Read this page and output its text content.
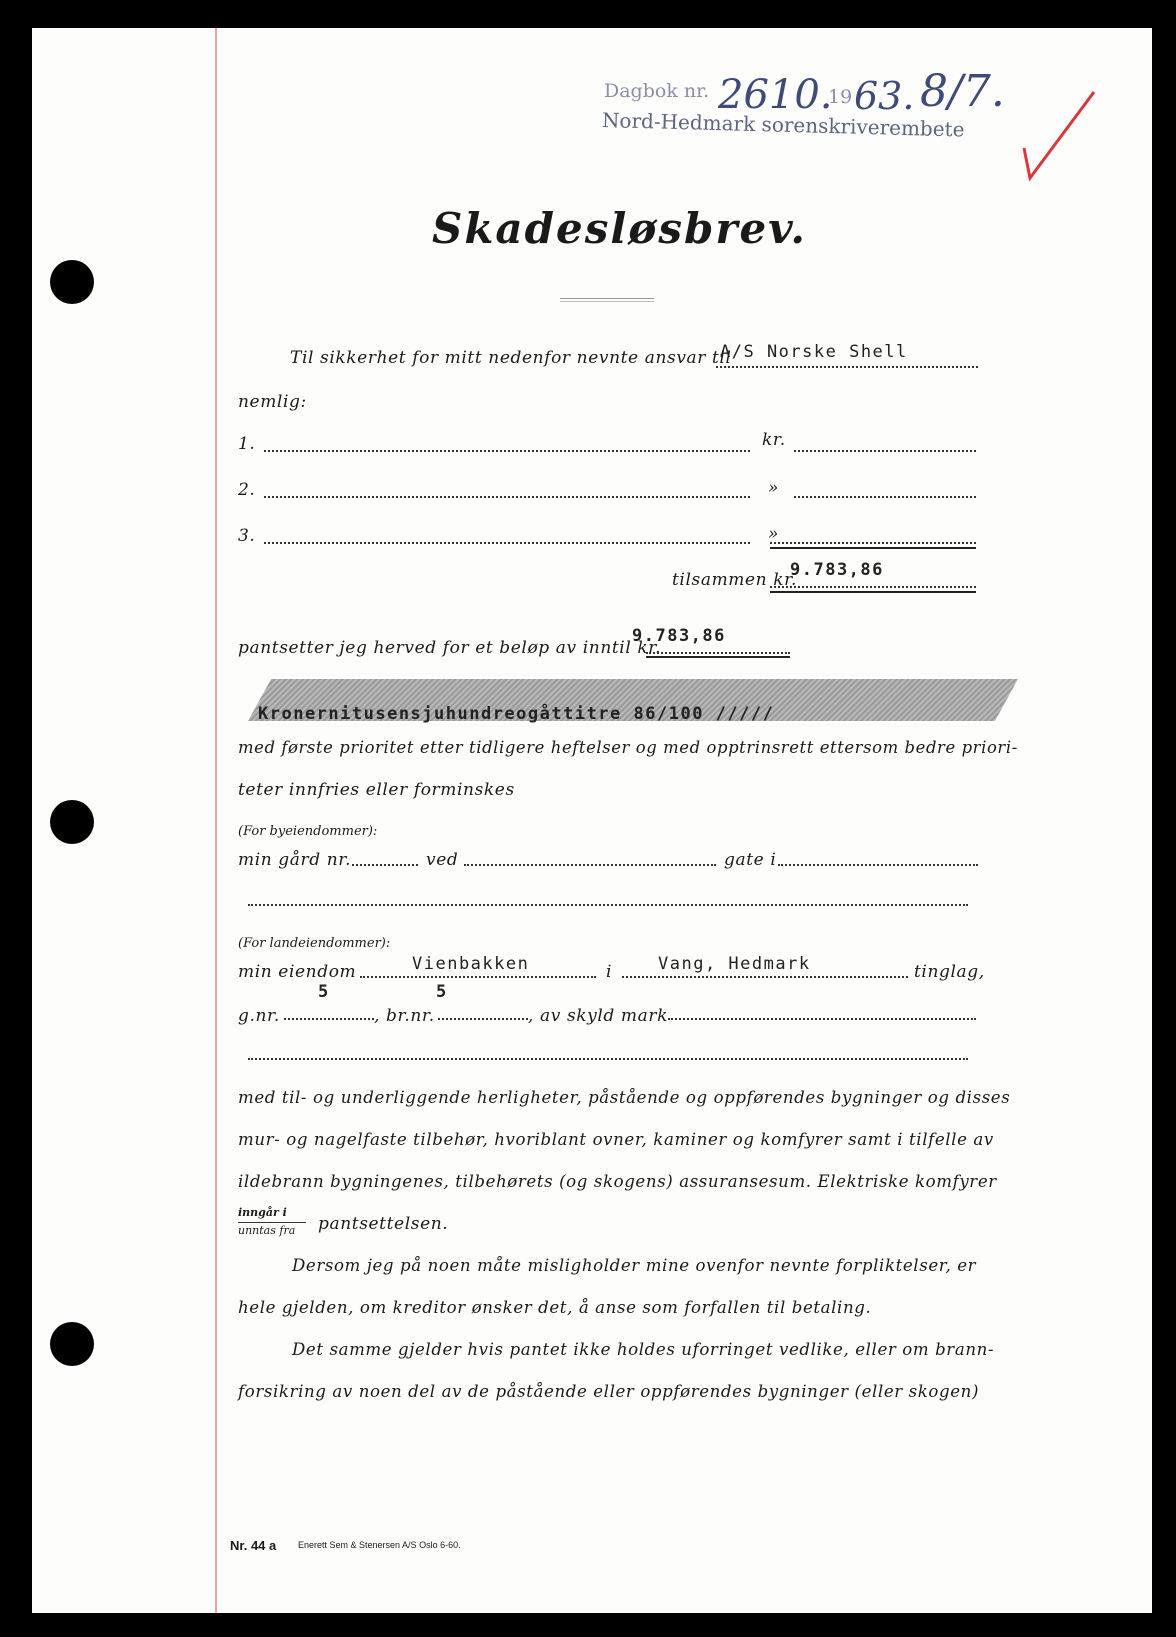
Dagbok nr. 2610.
19 63. 8/7.
Nord-Hedmark sorenskriverembete
Skadesløsbrev.
Til sikkerhet for mitt nedenfor nevnte ansvar til
A/S Norske Shell
nemlig:
1.	kr.
2.	»
3.	»
tilsammen kr.
9.783,86
pantsetter jeg herved for et beløp av inntil kr.
9.783,86
Kronernitusensjuhundreogåttitre 86/100 /////
med første prioritet etter tidligere heftelser og med opptrinsrett ettersom bedre priori-
teter innfries eller forminskes
(For byeiendommer):
min gård nr.	ved	gate i
(For landeiendommer):
min eiendom	Vienbakken	i	Vang, Hedmark	tinglag,
5	5
g.nr.	, br.nr.	, av skyld mark
med til- og underliggende herligheter, påstående og oppførendes bygninger og disses
mur- og nagelfaste tilbehør, hvoriblant ovner, kaminer og komfyrer samt i tilfelle av
ildebrann bygningenes, tilbehørets (og skogens) assuransesum. Elektriske komfyrer
inngår i
unntas fra pantsettelsen.
Dersom jeg på noen måte misligholder mine ovenfor nevnte forpliktelser, er
hele gjelden, om kreditor ønsker det, å anse som forfallen til betaling.
Det samme gjelder hvis pantet ikke holdes uforringet vedlike, eller om brann-
forsikring av noen del av de påstående eller oppførendes bygninger (eller skogen)
Nr. 44 a Enerett Sem & Stenersen A/S Oslo 6-60.
